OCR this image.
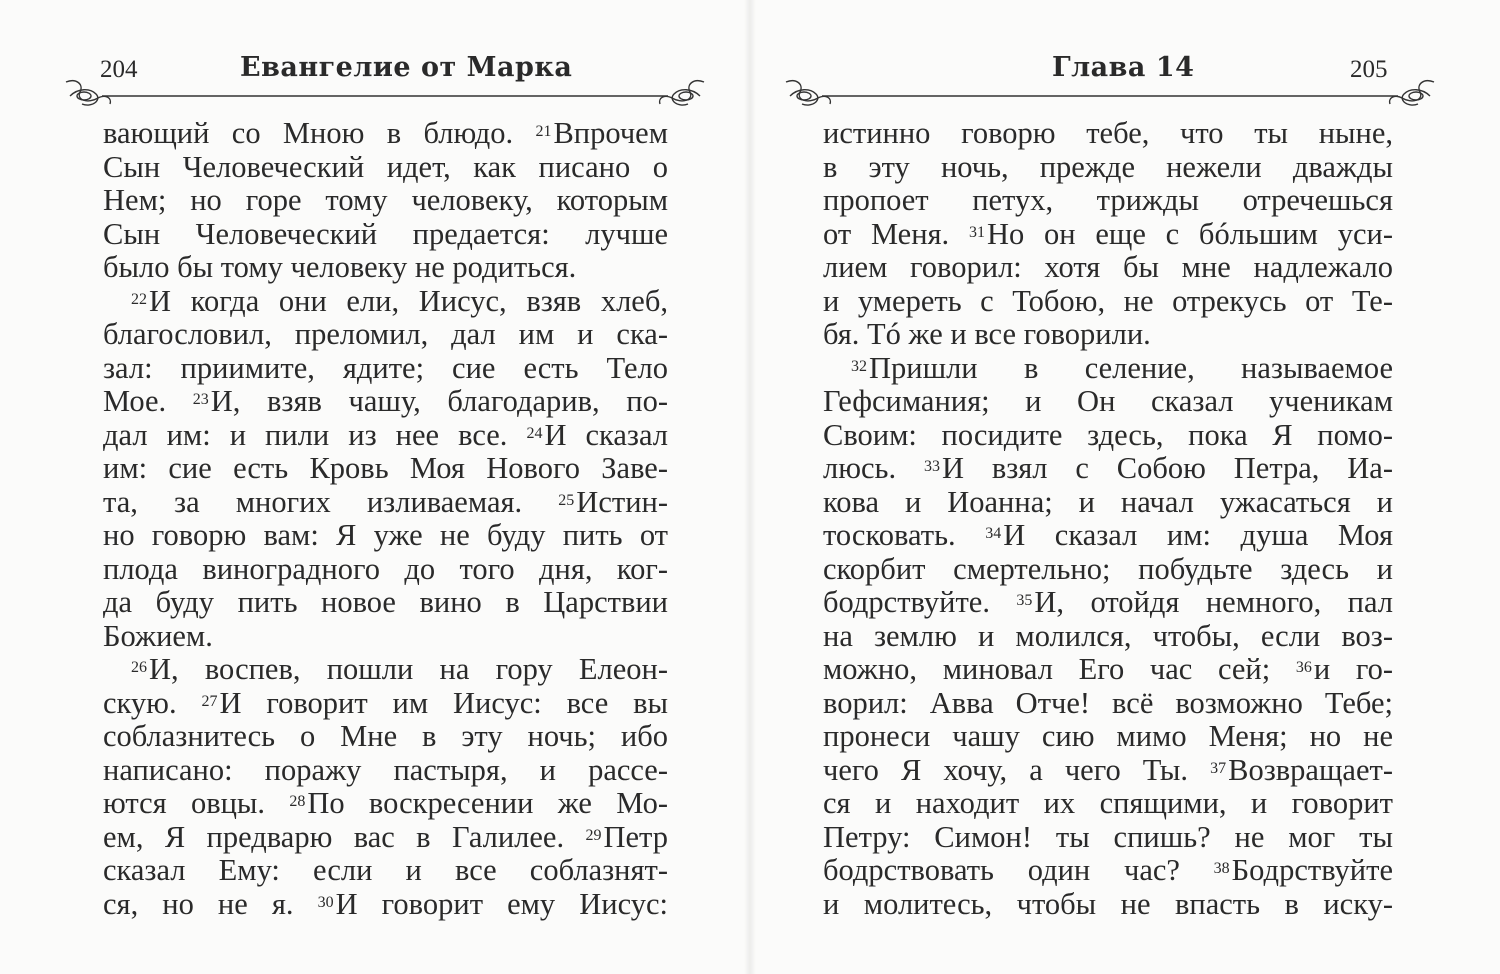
204	Евангелие от Марка
вающий со Мною в блюдо. $^{21}$Впрочем
Сын Человеческий идет, как писано о
Нем; но горе тому человеку, которым
Сын Человеческий предается: лучше
было бы тому человеку не родиться.
$^{22}$И когда они ели, Иисус, взяв хлеб,
благословил, преломил, дал им и ска-
зал: приимите, ядите; сие есть Тело
Мое. $^{23}$И, взяв чашу, благодарив, по-
дал им: и пили из нее все. $^{24}$И сказал
им: сие есть Кровь Моя Нового Заве-
та, за многих изливаемая. $^{25}$Истин-
но говорю вам: Я уже не буду пить от
плода виноградного до того дня, ког-
да буду пить новое вино в Царствии
Божием.
$^{26}$И, воспев, пошли на гору Елеон-
скую. $^{27}$И говорит им Иисус: все вы
соблазнитесь о Мне в эту ночь; ибо
написано: поражу пастыря, и рассе-
ются овцы. $^{28}$По воскресении же Мо-
ем, Я предварю вас в Галилее. $^{29}$Петр
сказал Ему: если и все соблазнят-
ся, но не я. $^{30}$И говорит ему Иисус:
Глава 14	205
истинно говорю тебе, что ты ныне,
в эту ночь, прежде нежели дважды
пропоет петух, трижды отречешься
от Меня. $^{31}$Но он еще с бóльшим уси-
лием говорил: хотя бы мне надлежало
и умереть с Тобою, не отрекусь от Те-
бя. Тó же и все говорили.
$^{32}$Пришли в селение, называемое
Гефсимания; и Он сказал ученикам
Своим: посидите здесь, пока Я помо-
люсь. $^{33}$И взял с Собою Петра, Иа-
кова и Иоанна; и начал ужасаться и
тосковать. $^{34}$И сказал им: душа Моя
скорбит смертельно; побудьте здесь и
бодрствуйте. $^{35}$И, отойдя немного, пал
на землю и молился, чтобы, если воз-
можно, миновал Его час сей; $^{36}$и го-
ворил: Авва Отче! всё возможно Тебе;
пронеси чашу сию мимо Меня; но не
чего Я хочу, а чего Ты. $^{37}$Возвращает-
ся и находит их спящими, и говорит
Петру: Симон! ты спишь? не мог ты
бодрствовать один час? $^{38}$Бодрствуйте
и молитесь, чтобы не впасть в иску-
